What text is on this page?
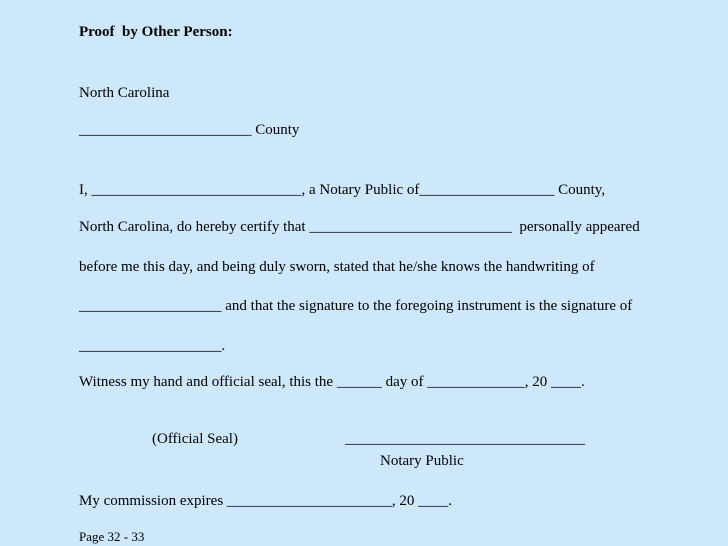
Proof  by Other Person:
North Carolina
_______________________ County
I, ____________________________, a Notary Public of__________________ County,
North Carolina, do hereby certify that ___________________________  personally appeared
before me this day, and being duly sworn, stated that he/she knows the handwriting of
___________________ and that the signature to the foregoing instrument is the signature of
___________________.
Witness my hand and official seal, this the ______ day of _____________, 20 ____.
(Official Seal)	________________________________
Notary Public
My commission expires ______________________, 20 ____.
Page 32 - 33
